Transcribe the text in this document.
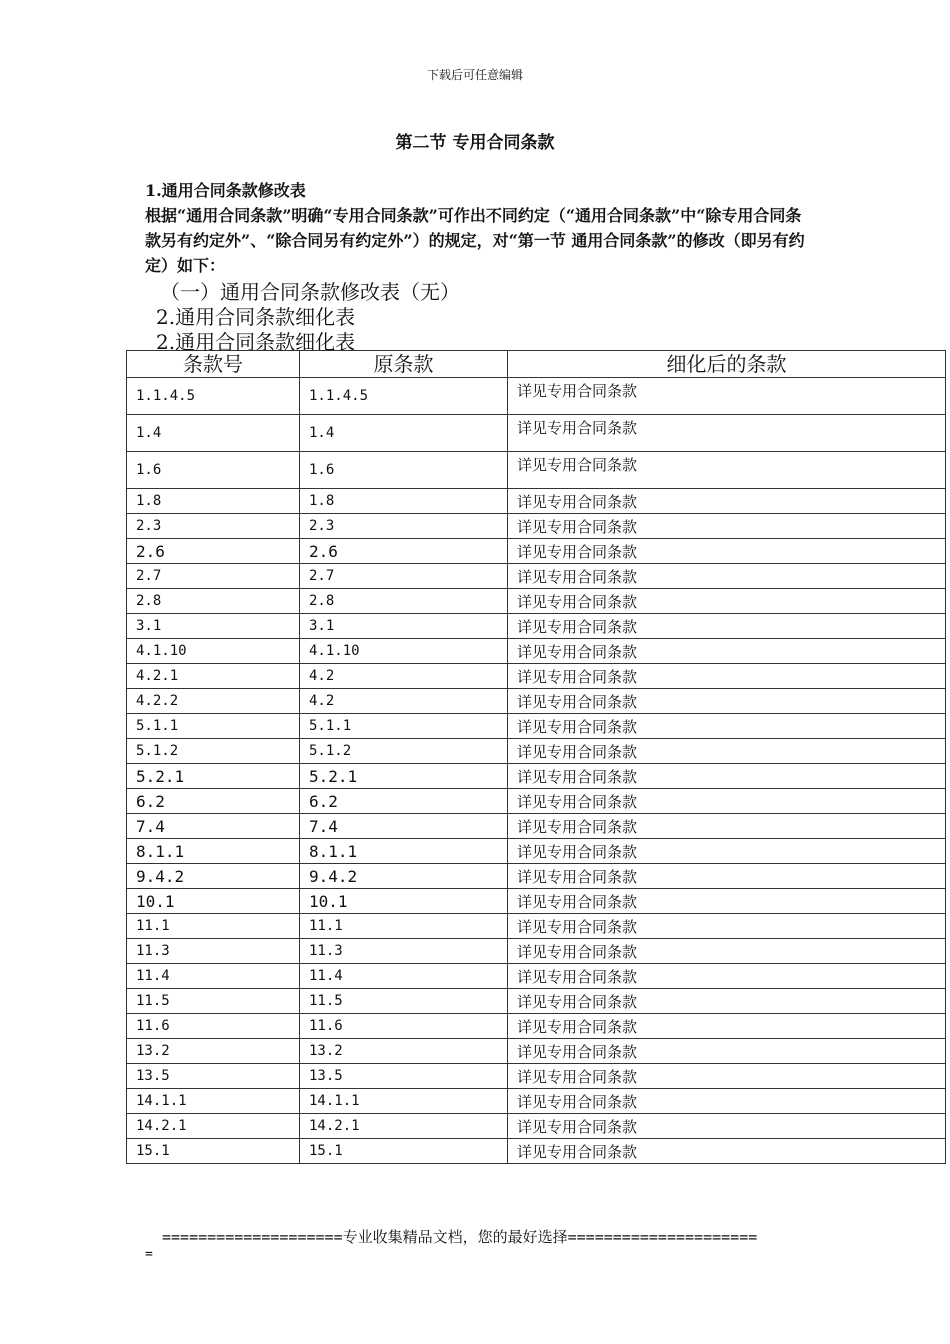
下载后可任意编辑
第二节 专用合同条款
1.通用合同条款修改表
根据“通用合同条款”明确“专用合同条款”可作出不同约定（“通用合同条款”中“除专用合同条款另有约定外”、“除合同另有约定外”）的规定，对“第一节 通用合同条款”的修改（即另有约定）如下：
（一）通用合同条款修改表（无）
2.通用合同条款细化表
2.通用合同条款细化表
条款号	原条款	细化后的条款
1.1.4.5	1.1.4.5	详见专用合同条款
1.4	1.4	详见专用合同条款
1.6	1.6	详见专用合同条款
1.8	1.8	详见专用合同条款
2.3	2.3	详见专用合同条款
2.6	2.6	详见专用合同条款
2.7	2.7	详见专用合同条款
2.8	2.8	详见专用合同条款
3.1	3.1	详见专用合同条款
4.1.10	4.1.10	详见专用合同条款
4.2.1	4.2	详见专用合同条款
4.2.2	4.2	详见专用合同条款
5.1.1	5.1.1	详见专用合同条款
5.1.2	5.1.2	详见专用合同条款
5.2.1	5.2.1	详见专用合同条款
6.2	6.2	详见专用合同条款
7.4	7.4	详见专用合同条款
8.1.1	8.1.1	详见专用合同条款
9.4.2	9.4.2	详见专用合同条款
10.1	10.1	详见专用合同条款
11.1	11.1	详见专用合同条款
11.3	11.3	详见专用合同条款
11.4	11.4	详见专用合同条款
11.5	11.5	详见专用合同条款
11.6	11.6	详见专用合同条款
13.2	13.2	详见专用合同条款
13.5	13.5	详见专用合同条款
14.1.1	14.1.1	详见专用合同条款
14.2.1	14.2.1	详见专用合同条款
15.1	15.1	详见专用合同条款
====================专业收集精品文档，您的最好选择=====================
=
